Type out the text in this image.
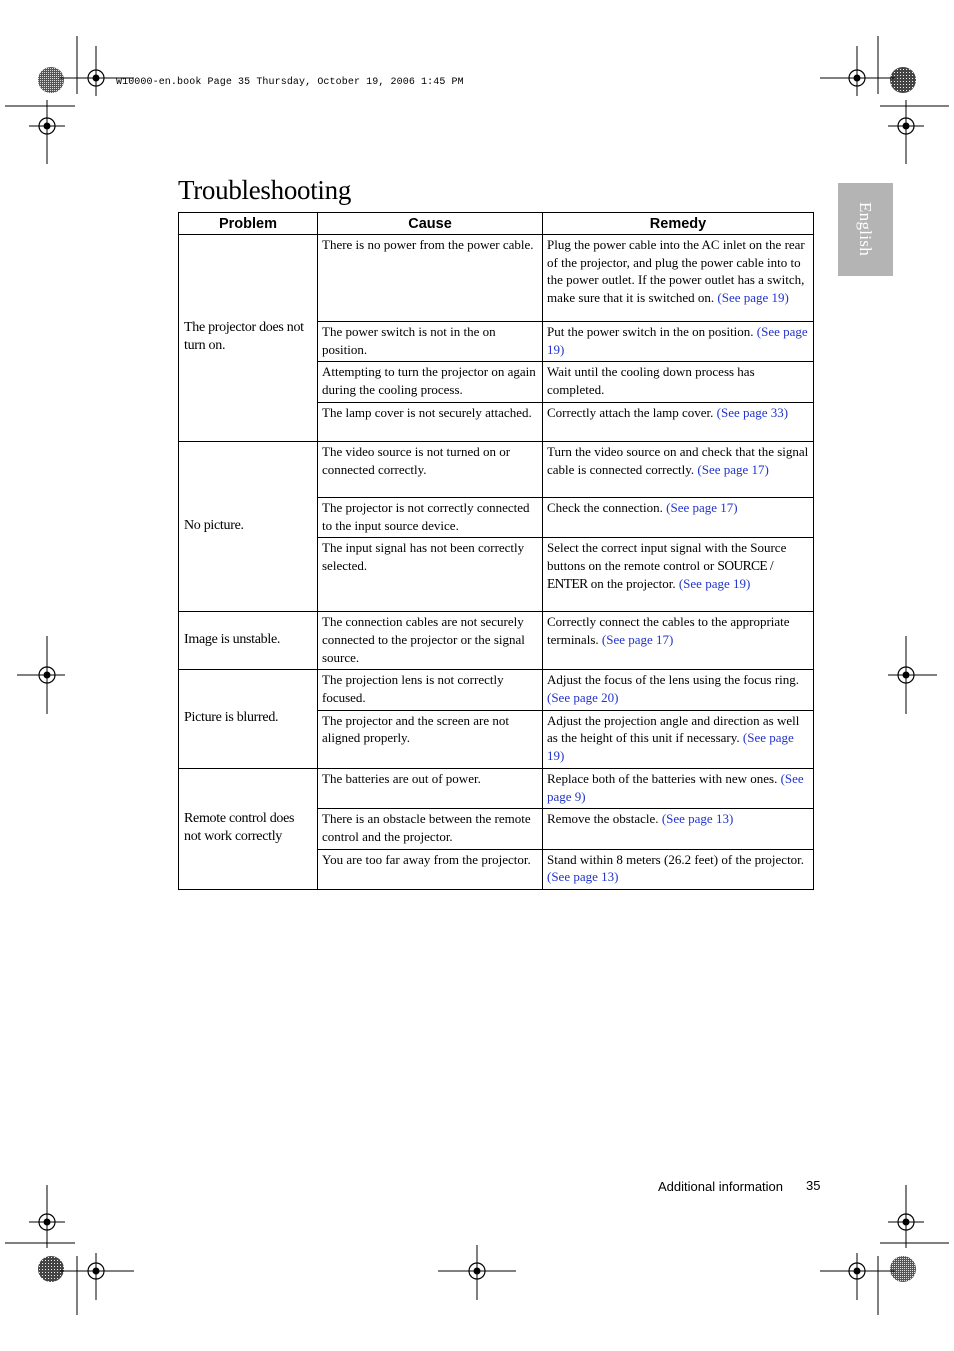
W10000-en.book Page 35 Thursday, October 19, 2006 1:45 PM
Troubleshooting
English
Problem	Cause	Remedy
The projector does not turn on.	There is no power from the power cable.	Plug the power cable into the AC inlet on the rear of the projector, and plug the power cable into to the power outlet. If the power outlet has a switch, make sure that it is switched on. (See page 19)
	The power switch is not in the on position.	Put the power switch in the on position. (See page 19)
	Attempting to turn the projector on again during the cooling process.	Wait until the cooling down process has completed.
	The lamp cover is not securely attached.	Correctly attach the lamp cover. (See page 33)
No picture.	The video source is not turned on or connected correctly.	Turn the video source on and check that the signal cable is connected correctly. (See page 17)
	The projector is not correctly connected to the input source device.	Check the connection. (See page 17)
	The input signal has not been correctly selected.	Select the correct input signal with the Source buttons on the remote control or SOURCE / ENTER on the projector. (See page 19)
Image is unstable.	The connection cables are not securely connected to the projector or the signal source.	Correctly connect the cables to the appropriate terminals. (See page 17)
Picture is blurred.	The projection lens is not correctly focused.	Adjust the focus of the lens using the focus ring. (See page 20)
	The projector and the screen are not aligned properly.	Adjust the projection angle and direction as well as the height of this unit if necessary. (See page 19)
Remote control does not work correctly	The batteries are out of power.	Replace both of the batteries with new ones. (See page 9)
	There is an obstacle between the remote control and the projector.	Remove the obstacle. (See page 13)
	You are too far away from the projector.	Stand within 8 meters (26.2 feet) of the projector. (See page 13)
Additional information 35
